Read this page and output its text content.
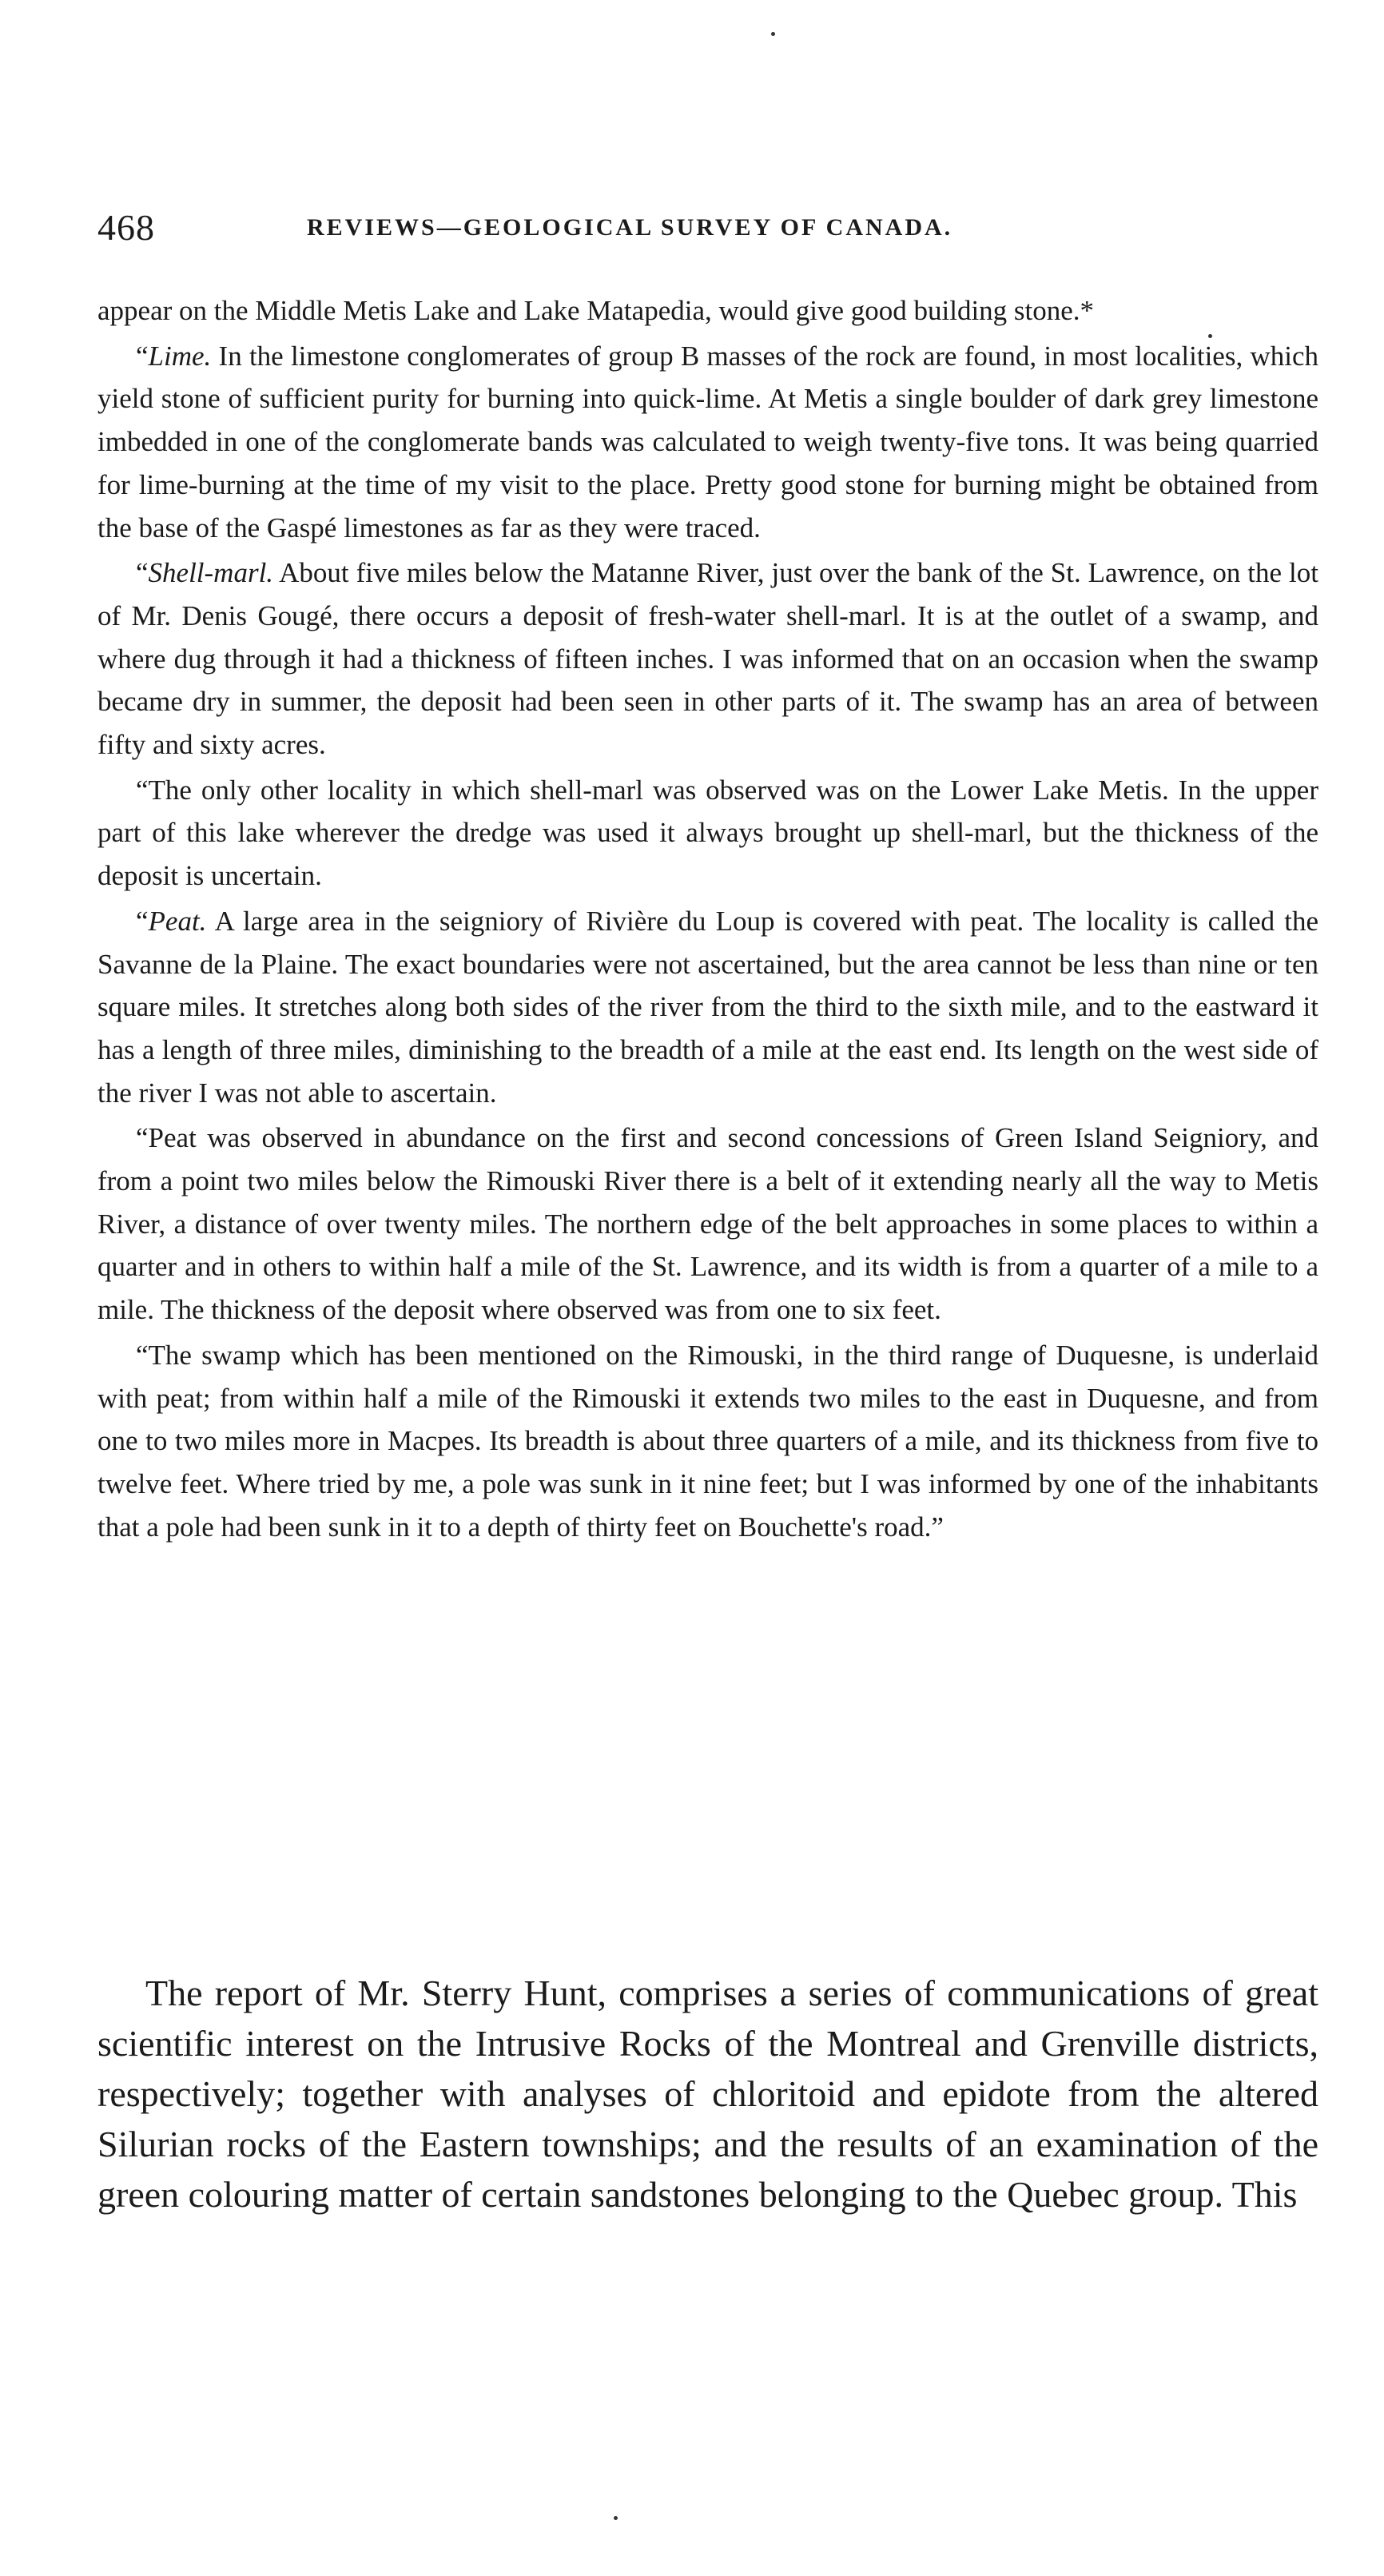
468	REVIEWS—GEOLOGICAL SURVEY OF CANADA.

appear on the Middle Metis Lake and Lake Matapedia, would give good building stone.*

“Lime. In the limestone conglomerates of group B masses of the rock are found, in most localities, which yield stone of sufficient purity for burning into quick-lime. At Metis a single boulder of dark grey limestone imbedded in one of the conglomerate bands was calculated to weigh twenty-five tons. It was being quarried for lime-burning at the time of my visit to the place. Pretty good stone for burning might be obtained from the base of the Gaspé limestones as far as they were traced.

“Shell-marl. About five miles below the Matanne River, just over the bank of the St. Lawrence, on the lot of Mr. Denis Gougé, there occurs a deposit of fresh-water shell-marl. It is at the outlet of a swamp, and where dug through it had a thickness of fifteen inches. I was informed that on an occasion when the swamp became dry in summer, the deposit had been seen in other parts of it. The swamp has an area of between fifty and sixty acres.

“The only other locality in which shell-marl was observed was on the Lower Lake Metis. In the upper part of this lake wherever the dredge was used it always brought up shell-marl, but the thickness of the deposit is uncertain.

“Peat. A large area in the seigniory of Rivière du Loup is covered with peat. The locality is called the Savanne de la Plaine. The exact boundaries were not ascertained, but the area cannot be less than nine or ten square miles. It stretches along both sides of the river from the third to the sixth mile, and to the eastward it has a length of three miles, diminishing to the breadth of a mile at the east end. Its length on the west side of the river I was not able to ascertain.

“Peat was observed in abundance on the first and second concessions of Green Island Seigniory, and from a point two miles below the Rimouski River there is a belt of it extending nearly all the way to Metis River, a distance of over twenty miles. The northern edge of the belt approaches in some places to within a quarter and in others to within half a mile of the St. Lawrence, and its width is from a quarter of a mile to a mile. The thickness of the deposit where observed was from one to six feet.

“The swamp which has been mentioned on the Rimouski, in the third range of Duquesne, is underlaid with peat; from within half a mile of the Rimouski it extends two miles to the east in Duquesne, and from one to two miles more in Macpes. Its breadth is about three quarters of a mile, and its thickness from five to twelve feet. Where tried by me, a pole was sunk in it nine feet; but I was informed by one of the inhabitants that a pole had been sunk in it to a depth of thirty feet on Bouchette's road.”

The report of Mr. Sterry Hunt, comprises a series of communications of great scientific interest on the Intrusive Rocks of the Montreal and Grenville districts, respectively; together with analyses of chloritoid and epidote from the altered Silurian rocks of the Eastern townships; and the results of an examination of the green colouring matter of certain sandstones belonging to the Quebec group. This
